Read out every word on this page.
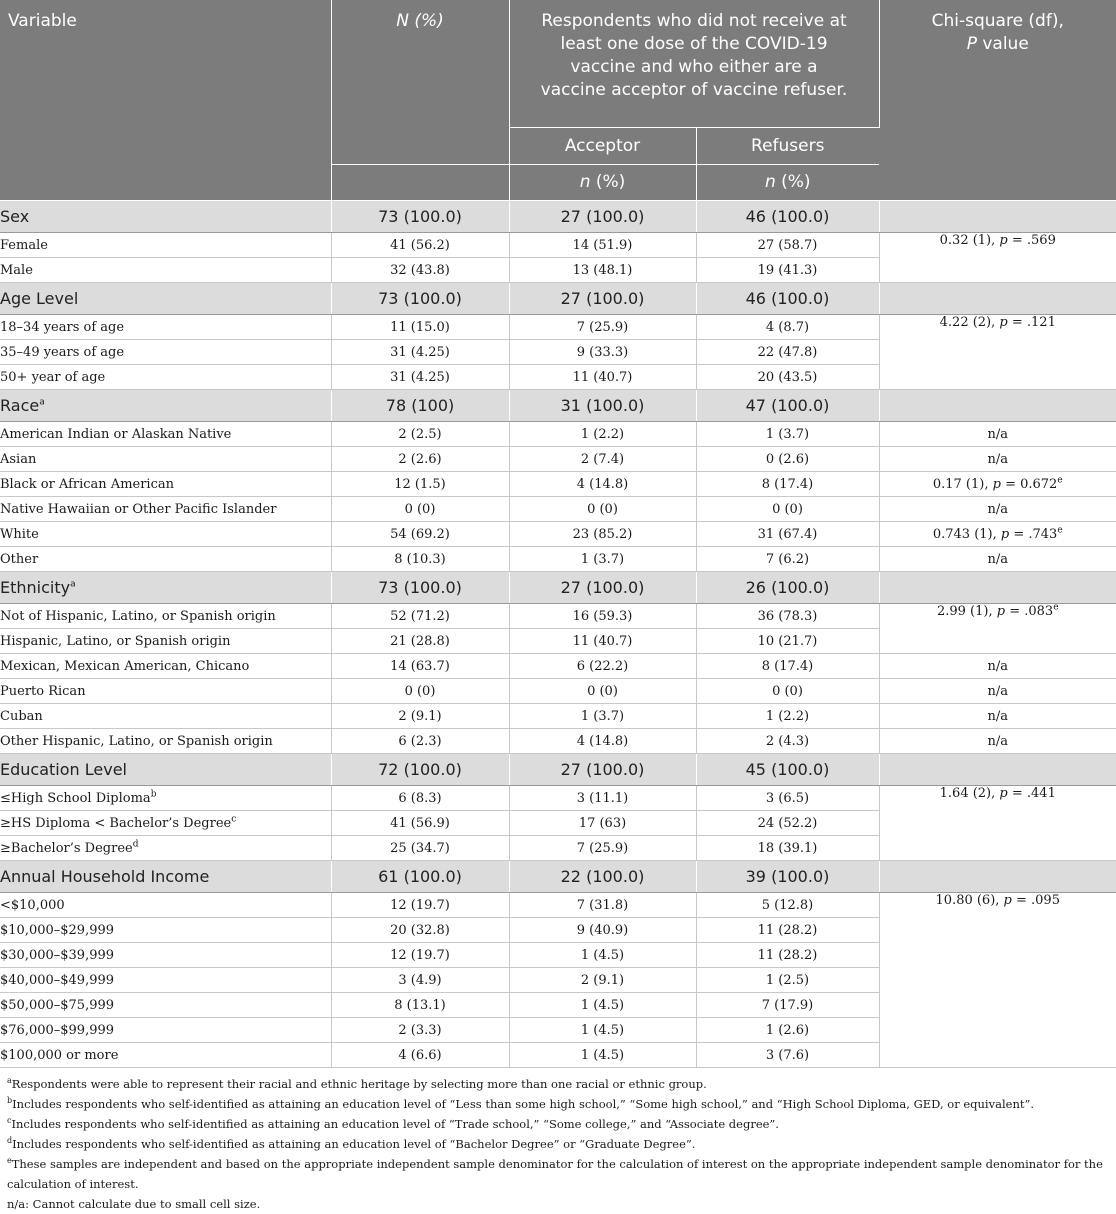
Variable	N (%)	Respondents who did not receive at least one dose of the COVID-19 vaccine and who either are a vaccine acceptor of vaccine refuser.		Chi-square (df),
P value
		Acceptor	Refusers	
		n (%)	n (%)	
Sex	73 (100.0)	27 (100.0)	46 (100.0)	
Female	41 (56.2)	14 (51.9)	27 (58.7)	0.32 (1), p = .569
Male	32 (43.8)	13 (48.1)	19 (41.3)	
Age Level	73 (100.0)	27 (100.0)	46 (100.0)	
18–34 years of age	11 (15.0)	7 (25.9)	4 (8.7)	4.22 (2), p = .121
35–49 years of age	31 (4.25)	9 (33.3)	22 (47.8)	
50+ year of age	31 (4.25)	11 (40.7)	20 (43.5)	
Race$^a$	78 (100)	31 (100.0)	47 (100.0)	
American Indian or Alaskan Native	2 (2.5)	1 (2.2)	1 (3.7)	n/a
Asian	2 (2.6)	2 (7.4)	0 (2.6)	n/a
Black or African American	12 (1.5)	4 (14.8)	8 (17.4)	0.17 (1), p = 0.672$^e$
Native Hawaiian or Other Pacific Islander	0 (0)	0 (0)	0 (0)	n/a
White	54 (69.2)	23 (85.2)	31 (67.4)	0.743 (1), p = .743$^e$
Other	8 (10.3)	1 (3.7)	7 (6.2)	n/a
Ethnicity$^a$	73 (100.0)	27 (100.0)	26 (100.0)	
Not of Hispanic, Latino, or Spanish origin	52 (71.2)	16 (59.3)	36 (78.3)	2.99 (1), p = .083$^e$
Hispanic, Latino, or Spanish origin	21 (28.8)	11 (40.7)	10 (21.7)	
Mexican, Mexican American, Chicano	14 (63.7)	6 (22.2)	8 (17.4)	n/a
Puerto Rican	0 (0)	0 (0)	0 (0)	n/a
Cuban	2 (9.1)	1 (3.7)	1 (2.2)	n/a
Other Hispanic, Latino, or Spanish origin	6 (2.3)	4 (14.8)	2 (4.3)	n/a
Education Level	72 (100.0)	27 (100.0)	45 (100.0)	
≤High School Diploma$^b$	6 (8.3)	3 (11.1)	3 (6.5)	1.64 (2), p = .441
≥HS Diploma < Bachelor’s Degree$^c$	41 (56.9)	17 (63)	24 (52.2)	
≥Bachelor’s Degree$^d$	25 (34.7)	7 (25.9)	18 (39.1)	
Annual Household Income	61 (100.0)	22 (100.0)	39 (100.0)	
<$10,000	12 (19.7)	7 (31.8)	5 (12.8)	10.80 (6), p = .095
$10,000–$29,999	20 (32.8)	9 (40.9)	11 (28.2)	
$30,000–$39,999	12 (19.7)	1 (4.5)	11 (28.2)	
$40,000–$49,999	3 (4.9)	2 (9.1)	1 (2.5)	
$50,000–$75,999	8 (13.1)	1 (4.5)	7 (17.9)	
$76,000–$99,999	2 (3.3)	1 (4.5)	1 (2.6)	
$100,000 or more	4 (6.6)	1 (4.5)	3 (7.6)	

$^a$Respondents were able to represent their racial and ethnic heritage by selecting more than one racial or ethnic group.

$^b$Includes respondents who self-identified as attaining an education level of “Less than some high school,” “Some high school,” and “High School Diploma, GED, or equivalent”.

$^c$Includes respondents who self-identified as attaining an education level of “Trade school,” “Some college,” and “Associate degree”.

$^d$Includes respondents who self-identified as attaining an education level of “Bachelor Degree” or “Graduate Degree”.

$^e$These samples are independent and based on the appropriate independent sample denominator for the calculation of interest on the appropriate independent sample denominator for the calculation of interest.

n/a: Cannot calculate due to small cell size.
